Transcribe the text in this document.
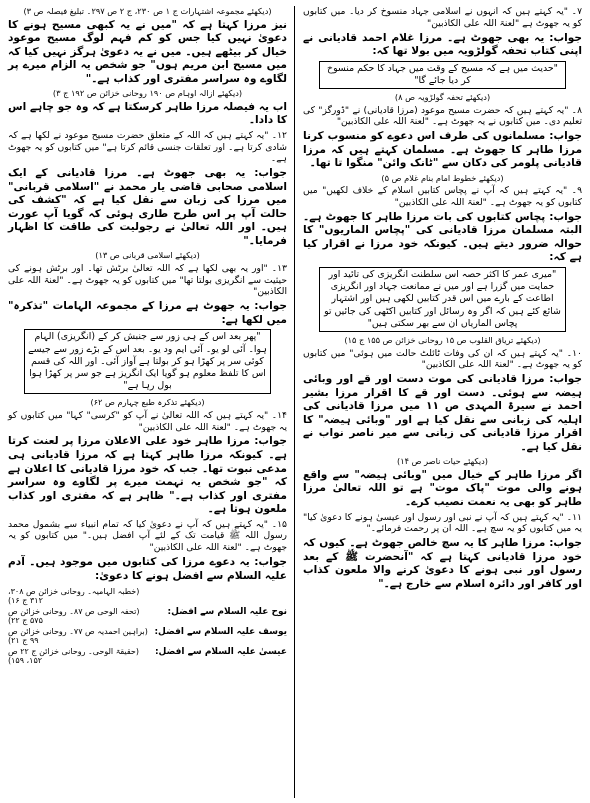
۷۔ "یہ کہتے ہیں کہ انہوں نے اسلامی جہاد منسوخ کر دیا۔ میں کتابوں کو یہ جھوٹ ہے "لعنۃ اللہ علی الکاذبین"
جواب: یہ بھی جھوٹ ہے۔ مرزا غلام احمد قادیانی نے اپنی کتاب تحفہ گولڑویہ میں بولا تھا کہ:
"حدیث میں ہے کہ مسیح کے وقت میں جہاد کا حکم منسوخ کر دیا جائے گا"
(دیکھئے تحفہ گولڑویہ ص ۸)
۸۔ "یہ کہتے ہیں کہ حضرت مسیح موعود (مرزا قادیانی) نے "ڈورگز" کی تعلیم دی۔ میں کتابوں نے یہ جھوٹ ہے۔ "لعنۃ اللہ علی الکاذبین"
جواب: مسلمانوں کی طرف اس دعوے کو منسوب کرنا مرزا طاہر کا جھوٹ ہے۔ مسلمان کہتے ہیں کہ مرزا قادیانی پلومر کی دکان سے "ٹانک وائن" منگوا تا تھا۔
(دیکھئے خطوط امام بنام غلام ص ۵)
۹۔ "یہ کہتے ہیں کہ آپ نے پچاس کتابیں اسلام کے خلاف لکھیں" میں کتابوں کو یہ جھوٹ ہے۔ "لعنۃ اللہ علی الکاذبین"
جواب: پچاس کتابوں کی بات مرزا طاہر کا جھوٹ ہے۔ البتہ مسلمان مرزا قادیانی کی "پچاس الماریوں" کا حوالہ ضرور دیتے ہیں۔ کیونکہ خود مرزا نے اقرار کیا ہے کہ:
"میری عمر کا اکثر حصہ اس سلطنت انگریزی کی تائید اور حمایت میں گزرا ہے اور میں نے ممانعت جہاد اور انگریزی اطاعت کے بارے میں اس قدر کتابیں لکھی ہیں اور اشتہار شائع کئے ہیں کہ اگر وہ رسائل اور کتابیں اکٹھی کی جائیں تو پچاس الماریاں ان سے بھر سکتی ہیں"
(دیکھئے تریاق القلوب ص ۱۵ روحانی خزائن ص ۱۵۵ ج ۱۵)
۱۰۔ "یہ کہتے ہیں کہ ان کی وفات ٹائلٹ حالت میں ہوئی" میں کتابوں کو یہ جھوٹ ہے۔ "لعنۃ اللہ علی الکاذبین"
جواب: مرزا قادیانی کی موت دست اور قے اور وبائی ہیضہ سے ہوئی۔ دست اور قے کا اقرار مرزا بشیر احمد نے سیرۃ المہدی ص ۱۱ میں مرزا قادیانی کی اہلیہ کی زبانی سے نقل کیا ہے اور "وبائی ہیضہ" کا اقرار مرزا قادیانی کی زبانی سے میر ناصر نواب نے نقل کیا ہے۔
(دیکھئے حیات ناصر ص ۱۴)
اگر مرزا طاہر کے خیال میں "وبائی ہیضہ" سے واقع ہونے والی موت "پاک موت" ہے تو اللہ تعالیٰ مرزا طاہر کو بھی یہ نعمت نصیب کرے۔
۱۱۔ "یہ کہتے ہیں کہ آپ نے نبی اور رسول اور عیسیٰ ہونے کا دعویٰ کیا" یہ میں کتابوں کو یہ سچ ہے۔ اللہ ان پر رحمت فرمائے۔"
جواب: مرزا طاہر کا یہ سچ خالص جھوٹ ہے۔ کیوں کہ خود مرزا قادیانی کہتا ہے کہ "آنحضرت ﷺ کے بعد رسول اور نبی ہونے کا دعویٰ کرنے والا ملعون کذاب اور کافر اور دائرہ اسلام سے خارج ہے۔"
(دیکھئے مجموعہ اشتہارات ج ۱ ص ۲۳۰، ج ۲ ص ۲۹۷۔ تبلیغ فیصلہ ص ۳)
نیز مرزا کہتا ہے کہ "میں نے یہ کبھی مسیح ہونے کا دعویٰ نہیں کیا جس کو کم فہم لوگ مسیح موعود خیال کر بیٹھے ہیں۔ میں نے یہ دعویٰ ہرگز نہیں کیا کہ میں مسیح ابن مریم ہوں" جو شخص یہ الزام میرے پر لگاوے وہ سراسر مفتری اور کذاب ہے۔"
(دیکھئے ازالہ اوہام ص ۱۹۰ روحانی خزائن ص ۱۹۲ ج ۳)
اب یہ فیصلہ مرزا طاہر کرسکتا ہے کہ وہ جو چاہے اس کا دادا۔
۱۲۔ "یہ کہتے ہیں کہ اللہ کے متعلق حضرت مسیح موعود نے لکھا ہے کہ شادی کرتا ہے۔ اور تعلقات جنسی قائم کرتا ہے" میں کتابوں کو یہ جھوٹ ہے۔
جواب: یہ بھی جھوٹ ہے۔ مرزا قادیانی کے ایک اسلامی صحابی قاضی یار محمد نے "اسلامی قربانی" میں مرزا کی زبان سے نقل کیا ہے کہ "کشف کی حالت آپ پر اس طرح طاری ہوئی کہ گویا آپ عورت ہیں۔ اور اللہ تعالیٰ نے رجولیت کی طاقت کا اظہار فرمایا۔"
(دیکھئے اسلامی قربانی ص ۱۳)
۱۳۔ "اور یہ بھی لکھا ہے کہ اللہ تعالیٰ برٹش تھا۔ اور برٹش ہونے کی حیثیت سے انگریزی بولتا تھا" میں کتابوں کو یہ جھوٹ ہے۔ "لعنۃ اللہ علی الکاذبین"
جواب: یہ جھوٹ ہے مرزا کے مجموعہ الہامات "تذکرہ" میں لکھا ہے:
"پھر بعد اس کے ہی زور سے جنبش کر کے (انگریزی) الہام ہوا۔ آئی لو یو۔ آئی ایم ود یو۔ بعد اس کے بڑے زور سے جیسے کوئی سر پر کھڑا ہو کر بولتا ہے آواز آئی۔ اور اللہ کی قسم اس کا تلفظ معلوم ہو گویا ایک انگریز ہے جو سر پر کھڑا ہوا بول رہا ہے"
(دیکھئے تذکرہ طبع چہارم ص ۶۲)
۱۴۔ "یہ کہتے ہیں کہ اللہ تعالیٰ نے آپ کو "کرسی" کہا" میں کتابوں کو یہ جھوٹ ہے۔ "لعنۃ اللہ علی الکاذبین"
جواب: مرزا طاہر خود علی الاعلان مرزا پر لعنت کرتا ہے۔ کیونکہ مرزا طاہر کہتا ہے کہ مرزا قادیانی ہی مدعی نبوت تھا۔ جب کہ خود مرزا قادیانی کا اعلان ہے کہ "جو شخص یہ تہمت میرے پر لگاوے وہ سراسر مفتری اور کذاب ہے۔" ظاہر ہے کہ مفتری اور کذاب ملعون ہوتا ہے۔
۱۵۔ "یہ کہتے ہیں کہ آپ نے دعویٰ کیا کہ تمام انبیاء سے بشمول محمد رسول اللہ ﷺ قیامت تک کے لئے آپ افضل ہیں۔" میں کتابوں کو یہ جھوٹ ہے۔ "لعنۃ اللہ علی الکاذبین"
جواب: یہ دعوے مرزا کی کتابوں میں موجود ہیں۔ آدم علیہ السلام سے افضل ہونے کا دعویٰ:
	(خطبہ الہامیہ۔ روحانی خزائن ص ۳۰۸، ۳۱۲ ج ۱۶)
نوح علیہ السلام سے افضل:	(تحفہ الوحی ص ۸۷۔ روحانی خزائن ص ۵۷۵ ج ۲۲)
یوسف علیہ السلام سے افضل:	(براہین احمدیہ ص ۷۷۔ روحانی خزائن ص ۹۹ ج ۲۱)
عیسیٰ علیہ السلام سے افضل:	(حقیقۃ الوحی۔ روحانی خزائن ج ۲۲ ص ۱۵۲، ۱۵۹)
